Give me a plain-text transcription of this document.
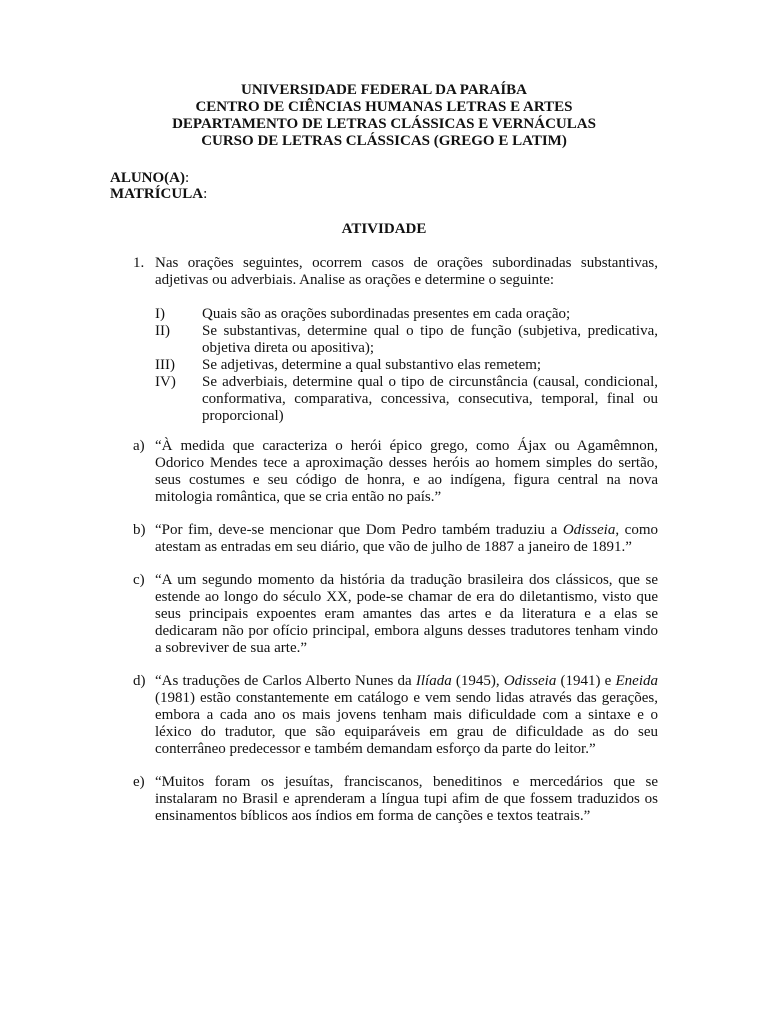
UNIVERSIDADE FEDERAL DA PARAÍBA
CENTRO DE CIÊNCIAS HUMANAS LETRAS E ARTES
DEPARTAMENTO DE LETRAS CLÁSSICAS E VERNÁCULAS
CURSO DE LETRAS CLÁSSICAS (GREGO E LATIM)
ALUNO(A):
MATRÍCULA:
ATIVIDADE
1. Nas orações seguintes, ocorrem casos de orações subordinadas substantivas, adjetivas ou adverbiais. Analise as orações e determine o seguinte:
I) Quais são as orações subordinadas presentes em cada oração;
II) Se substantivas, determine qual o tipo de função (subjetiva, predicativa, objetiva direta ou apositiva);
III) Se adjetivas, determine a qual substantivo elas remetem;
IV) Se adverbiais, determine qual o tipo de circunstância (causal, condicional, conformativa, comparativa, concessiva, consecutiva, temporal, final ou proporcional)
a) “À medida que caracteriza o herói épico grego, como Ájax ou Agamêmnon, Odorico Mendes tece a aproximação desses heróis ao homem simples do sertão, seus costumes e seu código de honra, e ao indígena, figura central na nova mitologia romântica, que se cria então no país.”
b) “Por fim, deve-se mencionar que Dom Pedro também traduziu a Odisseia, como atestam as entradas em seu diário, que vão de julho de 1887 a janeiro de 1891.”
c) “A um segundo momento da história da tradução brasileira dos clássicos, que se estende ao longo do século XX, pode-se chamar de era do diletantismo, visto que seus principais expoentes eram amantes das artes e da literatura e a elas se dedicaram não por ofício principal, embora alguns desses tradutores tenham vindo a sobreviver de sua arte.”
d) “As traduções de Carlos Alberto Nunes da Ilíada (1945), Odisseia (1941) e Eneida (1981) estão constantemente em catálogo e vem sendo lidas através das gerações, embora a cada ano os mais jovens tenham mais dificuldade com a sintaxe e o léxico do tradutor, que são equiparáveis em grau de dificuldade as do seu conterrâneo predecessor e também demandam esforço da parte do leitor.”
e) “Muitos foram os jesuítas, franciscanos, beneditinos e mercedários que se instalaram no Brasil e aprenderam a língua tupi afim de que fossem traduzidos os ensinamentos bíblicos aos índios em forma de canções e textos teatrais.”
